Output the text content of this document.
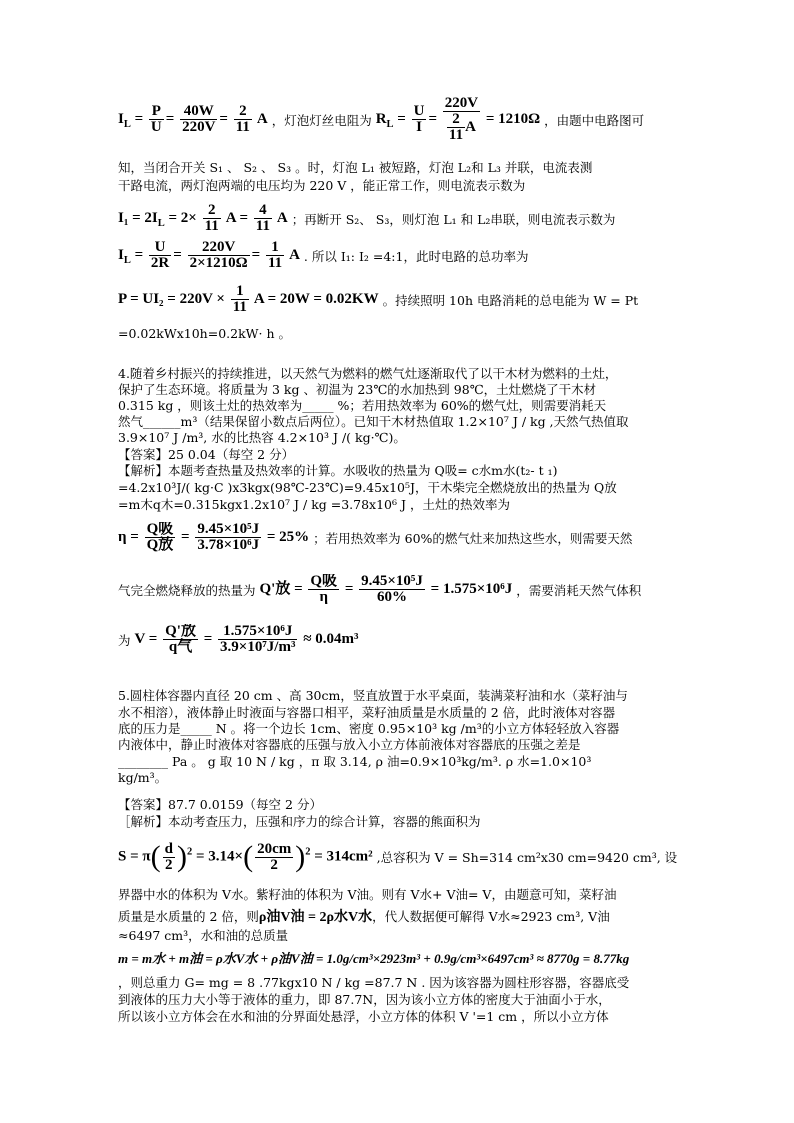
$I_L = \frac{P}{U} = \frac{40W}{220V} = \frac{2}{11}$ A ，灯泡灯丝电阻为 $R_L = \frac{U}{I} = \frac{220V}{\frac{2}{11} A} = 1210\Omega$ ，由题中电路图可
知，当闭合开关 S₁ 、 S₂ 、 S₃ 。时，灯泡 L₁ 被短路，灯泡 L₂和 L₃ 并联，电流表测
干路电流，两灯泡两端的电压均为 220 V ，能正常工作，则电流表示数为
$I_1 = 2I_L = 2\times \frac{2}{11}$ $A = \frac{4}{11}$ A ；再断开 S₂、 S₃，则灯泡 L₁ 和 L₂串联，则电流表示数为
$I_L = \frac{U}{2R} = \frac{220V}{2\times 1210\Omega} = \frac{1}{11}$ A . 所以 I₁: I₂ =4:1，此时电路的总功率为
$P = UI_2 = 220V \times \frac{1}{11}$ A = 20W = 0.02KW 。持续照明 10h 电路消耗的总电能为 W = Pt
=0.02kWx10h=0.2kW· h 。
4.随着乡村振兴的持续推进，以天然气为燃料的燃气灶逐渐取代了以干木材为燃料的土灶，
保护了生态环境。将质量为 3 kg 、初温为 23℃的水加热到 98℃，土灶燃烧了干木材
0.315 kg ，则该土灶的热效率为_____ %；若用热效率为 60%的燃气灶，则需要消耗天
然气______m³（结果保留小数点后两位）。已知干木材热值取 1.2×10⁷ J / kg ,天然气热值取
3.9×10⁷ J /m³, 水的比热容 4.2×10³ J /( kg·℃)。
【答案】25 0.04（每空 2 分）
【解析】本题考查热量及热效率的计算。水吸收的热量为 Q吸= c水m水(t₂- t ₁)
=4.2x10³J/( kg·C )x3kgx(98℃-23℃)=9.45x10⁵J，干木柴完全燃烧放出的热量为 Q放
=m木q木=0.315kgx1.2x10⁷ J / kg =3.78x10⁶ J ，土灶的热效率为
$\eta = \frac{\text{Q吸}}{\text{Q放}} = \frac{\text{9.45×10⁵J}}{\text{3.78×10⁶J}} = 25\%$ ；若用热效率为 60%的燃气灶来加热这些水，则需要天然
气完全燃烧释放的热量为 Q'放 = $\frac{\text{Q吸}}{\eta} = \frac{\text{9.45×10⁵J}}{60\%} = 1.575\times 10^6J$ ，需要消耗天然气体积
为 $V = \frac{\text{Q'放}}{\text{q气}} = \frac{\text{1.575×10⁶J}}{\text{3.9×10⁷J/m³}} \approx 0.04m^3$
5.圆柱体容器内直径 20 cm 、高 30cm，竖直放置于水平桌面，装满菜籽油和水（菜籽油与
水不相溶），液体静止时液面与容器口相平，菜籽油质量是水质量的 2 倍，此时液体对容器
底的压力是_____ N 。将一个边长 1cm、密度 0.95×10³ kg /m³的小立方体轻轻放入容器
内液体中，静止时液体对容器底的压强与放入小立方体前液体对容器底的压强之差是
________ Pa 。 g 取 10 N / kg ，π 取 3.14, ρ 油=0.9×10³kg/m³. ρ 水=1.0×10³
kg/m³。
【答案】87.7 0.0159（每空 2 分）
［解析】本动考查压力，压强和序力的综合计算，容器的熊面积为
$S = \pi( \frac{d}{2} )^2 = 3.14\times( \frac{20cm}{2} )^2 = 314cm^2$ ,总容积为 V = Sh=314 cm²x30 cm=9420 cm³, 设
界器中水的体积为 V水。紫籽油的体积为 V油。则有 V水+ V油= V，由题意可知，菜籽油
质量是水质量的 2 倍，则ρ油V油 = 2ρ水V水，代人数据便可解得 V水≈2923 cm³, V油
≈6497 cm³，水和油的总质量
m = m水 + m油 = ρ水V水 + ρ油V油 = 1.0g/cm³×2923m³ + 0.9g/cm³×6497cm³ ≈ 8770g = 8.77kg
，则总重力 G= mg = 8 .77kgx10 N / kg =87.7 N . 因为该容器为圆柱形容器，容器底受
到液体的压力大小等于液体的重力，即 87.7N，因为该小立方体的密度大于油面小于水，
所以该小立方体会在水和油的分界面处悬浮，小立方体的体积 V '=1 cm ，所以小立方体
